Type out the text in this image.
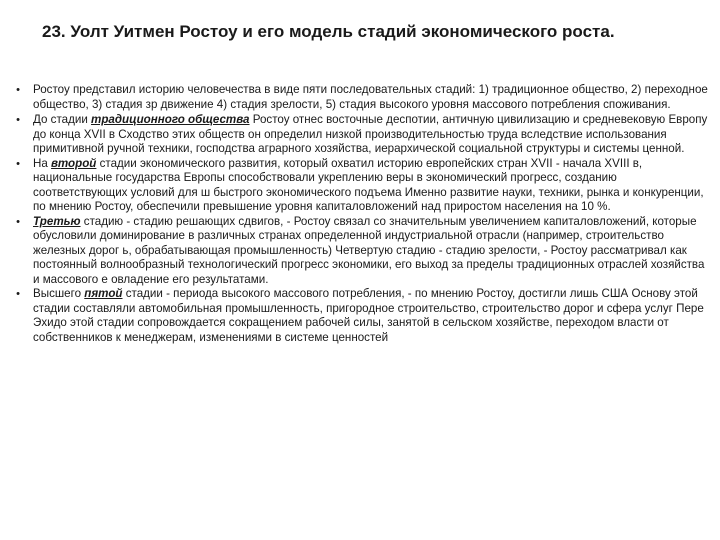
23. Уолт Уитмен Ростоу и его модель стадий экономического роста.
•	Ростоу представил историю человечества в виде пяти последовательных стадий: 1) традиционное общество, 2) переходное общество, 3) стадия зр движение 4) стадия зрелости, 5) стадия высокого уровня массового потребления споживания.
•	До стадии традиционного общества Ростоу отнес восточные деспотии, античную цивилизацию и средневековую Европу до конца XVII в Сходство этих обществ он определил низкой производительностью труда вследствие использования примитивной ручной техники, господства аграрного хозяйства, иерархической социальной структуры и системы ценной.
•	На второй стадии экономического развития, который охватил историю европейских стран XVII - начала XVIII в, национальные государства Европы способствовали укреплению веры в экономический прогресс, созданию соответствующих условий для ш быстрого экономического подъема Именно развитие науки, техники, рынка и конкуренции, по мнению Ростоу, обеспечили превышение уровня капиталовложений над приростом населения на 10 %.
•	Третью стадию - стадию решающих сдвигов, - Ростоу связал со значительным увеличением капиталовложений, которые обусловили доминирование в различных странах определенной индустриальной отрасли (например, строительство железных дорог ь, обрабатывающая промышленность) Четвертую стадию - стадию зрелости, - Ростоу рассматривал как постоянный волнообразный технологический прогресс экономики, его выход за пределы традиционных отраслей хозяйства и массового е овладение его результатами.
•	Высшего пятой стадии - периода высокого массового потребления, - по мнению Ростоу, достигли лишь США Основу этой стадии составляли автомобильная промышленность, пригородное строительство, строительство дорог и сфера услуг Пере Эхидо этой стадии сопровождается сокращением рабочей силы, занятой в сельском хозяйстве, переходом власти от собственников к менеджерам, изменениями в системе ценностей
